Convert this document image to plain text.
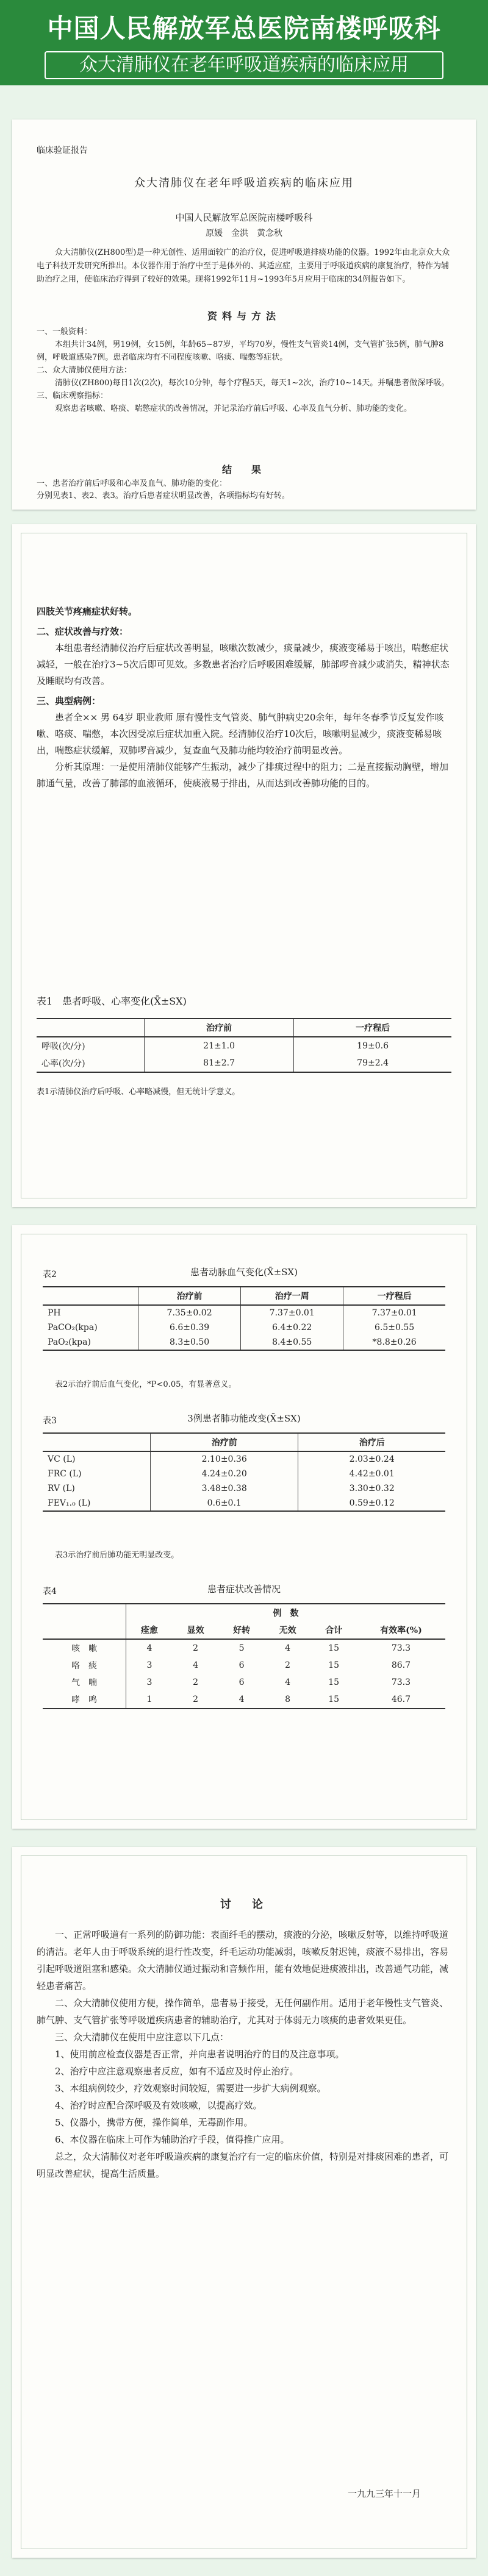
中国人民解放军总医院南楼呼吸科
众大清肺仪在老年呼吸道疾病的临床应用
临床验证报告
众大清肺仪在老年呼吸道疾病的临床应用
中国人民解放军总医院南楼呼吸科
原媛　金洪　黄念秋

众大清肺仪(ZH800型)是一种无创性、适用面较广的治疗仪，促进呼吸道排痰功能的仪器。1992年由北京众大众电子科技开发研究所推出。本仪器作用于治疗中至于是体外的、其适应症，主要用于呼吸道疾病的康复治疗，特作为辅助治疗之用，使临床治疗得到了较好的效果。现将1992年11月~1993年5月应用于临床的34例报告如下。

资料与方法
一、一般资料：

本组共计34例，男19例，女15例，年龄65~87岁，平均70岁，慢性支气管炎14例，支气管扩张5例，肺气肿8例，呼吸道感染7例。患者临床均有不同程度咳嗽、咯痰、喘憋等症状。

二、众大清肺仪使用方法：

清肺仪(ZH800)每日1次(2次)，每次10分钟，每个疗程5天，每天1~2次，治疗10~14天。并嘱患者做深呼吸。

三、临床观察指标：

观察患者咳嗽、咯痰、喘憋症状的改善情况，并记录治疗前后呼吸、心率及血气分析、肺功能的变化。

结　果
一、患者治疗前后呼吸和心率及血气、肺功能的变化：
分别见表1、表2、表3。治疗后患者症状明显改善，各项指标均有好转。
四肢关节疼痛症状好转。
二、症状改善与疗效：

本组患者经清肺仪治疗后症状改善明显，咳嗽次数减少，痰量减少，痰液变稀易于咳出，喘憋症状减轻，一般在治疗3~5次后即可见效。多数患者治疗后呼吸困难缓解，肺部啰音减少或消失，精神状态及睡眠均有改善。

三、典型病例：

患者全×× 男 64岁 职业教师 原有慢性支气管炎、肺气肿病史20余年，每年冬春季节反复发作咳嗽、咯痰、喘憋，本次因受凉后症状加重入院。经清肺仪治疗10次后，咳嗽明显减少，痰液变稀易咳出，喘憋症状缓解，双肺啰音减少，复查血气及肺功能均较治疗前明显改善。

分析其原理：一是使用清肺仪能够产生振动，减少了排痰过程中的阻力；二是直接振动胸壁，增加肺通气量，改善了肺部的血液循环，使痰液易于排出，从而达到改善肺功能的目的。

表1　患者呼吸、心率变化(X̄±SX)
	治疗前	一疗程后
呼吸(次/分)	21±1.0	19±0.6
心率(次/分)	81±2.7	79±2.4
表1示清肺仪治疗后呼吸、心率略减慢，但无统计学意义。
表2	患者动脉血气变化(X̄±SX)
	治疗前	治疗一周	一疗程后
PH	7.35±0.02	7.37±0.01	7.37±0.01
PaCO₂(kpa)	6.6±0.39	6.4±0.22	6.5±0.55
PaO₂(kpa)	8.3±0.50	8.4±0.55	*8.8±0.26
表2示治疗前后血气变化，*P<0.05，有显著意义。
表3	3例患者肺功能改变(X̄±SX)
	治疗前	治疗后
VC (L)	2.10±0.36	2.03±0.24
FRC (L)	4.24±0.20	4.42±0.01
RV (L)	3.48±0.38	3.30±0.32
FEV₁.₀ (L)	0.6±0.1	0.59±0.12
表3示治疗前后肺功能无明显改变。
表4	患者症状改善情况
	例　数					
	痊愈	显效	好转	无效	合计	有效率(%)
咳　嗽	4	2	5	4	15	73.3
咯　痰	3	4	6	2	15	86.7
气　喘	3	2	6	4	15	73.3
哮　鸣	1	2	4	8	15	46.7
讨　论

一、正常呼吸道有一系列的防御功能：表面纤毛的摆动，痰液的分泌，咳嗽反射等，以维持呼吸道的清洁。老年人由于呼吸系统的退行性改变，纤毛运动功能减弱，咳嗽反射迟钝，痰液不易排出，容易引起呼吸道阻塞和感染。众大清肺仪通过振动和音频作用，能有效地促进痰液排出，改善通气功能，减轻患者痛苦。

二、众大清肺仪使用方便，操作简单，患者易于接受，无任何副作用。适用于老年慢性支气管炎、肺气肿、支气管扩张等呼吸道疾病患者的辅助治疗，尤其对于体弱无力咳痰的患者效果更佳。

三、众大清肺仪在使用中应注意以下几点：

1、使用前应检查仪器是否正常，并向患者说明治疗的目的及注意事项。

2、治疗中应注意观察患者反应，如有不适应及时停止治疗。

3、本组病例较少，疗效观察时间较短，需要进一步扩大病例观察。

4、治疗时应配合深呼吸及有效咳嗽，以提高疗效。

5、仪器小，携带方便，操作简单，无毒副作用。

6、本仪器在临床上可作为辅助治疗手段，值得推广应用。

总之，众大清肺仪对老年呼吸道疾病的康复治疗有一定的临床价值，特别是对排痰困难的患者，可明显改善症状，提高生活质量。

一九九三年十一月
